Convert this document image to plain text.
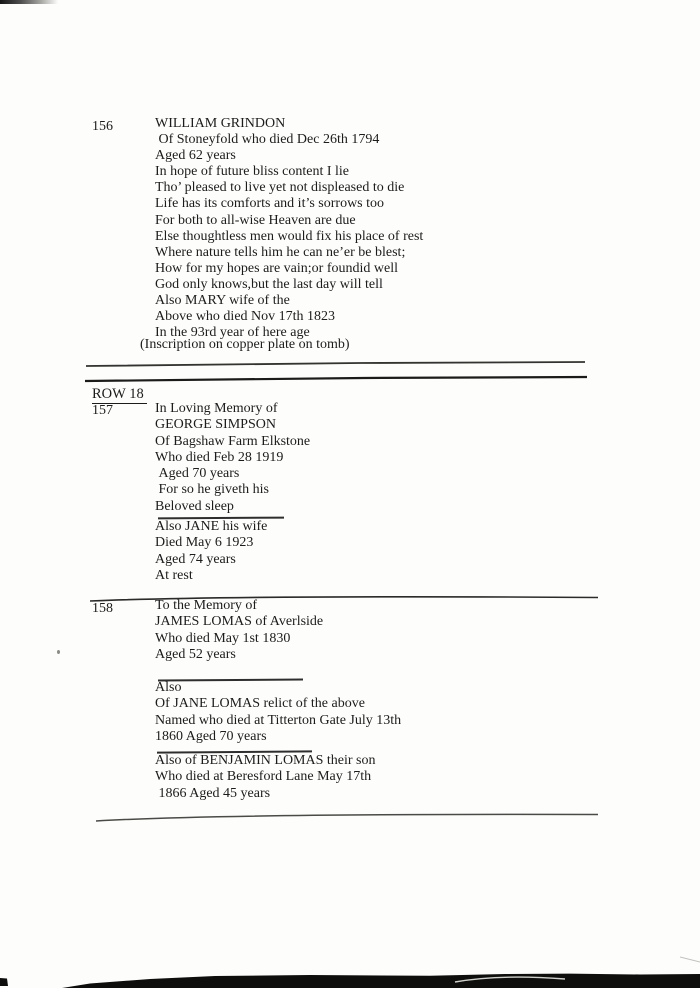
156	WILLIAM GRINDON
Of Stoneyfold who died Dec 26th 1794
Aged 62 years
In hope of future bliss content I lie
Tho’ pleased to live yet not displeased to die
Life has its comforts and it’s sorrows too
For both to all-wise Heaven are due
Else thoughtless men would fix his place of rest
Where nature tells him he can ne’er be blest;
How for my hopes are vain;or foundid well
God only knows,but the last day will tell
Also MARY wife of the
Above who died Nov 17th 1823
In the 93rd year of here age
(Inscription on copper plate on tomb)
ROW 18
157	In Loving Memory of
GEORGE SIMPSON
Of Bagshaw Farm Elkstone
Who died Feb 28 1919
Aged 70 years
For so he giveth his
Beloved sleep
Also JANE his wife
Died May 6 1923
Aged 74 years
At rest
158	To the Memory of
JAMES LOMAS of Averlside
Who died May 1st 1830
Aged 52 years
Also
Of JANE LOMAS relict of the above
Named who died at Titterton Gate July 13th
1860 Aged 70 years
Also of BENJAMIN LOMAS their son
Who died at Beresford Lane May 17th
1866 Aged 45 years
